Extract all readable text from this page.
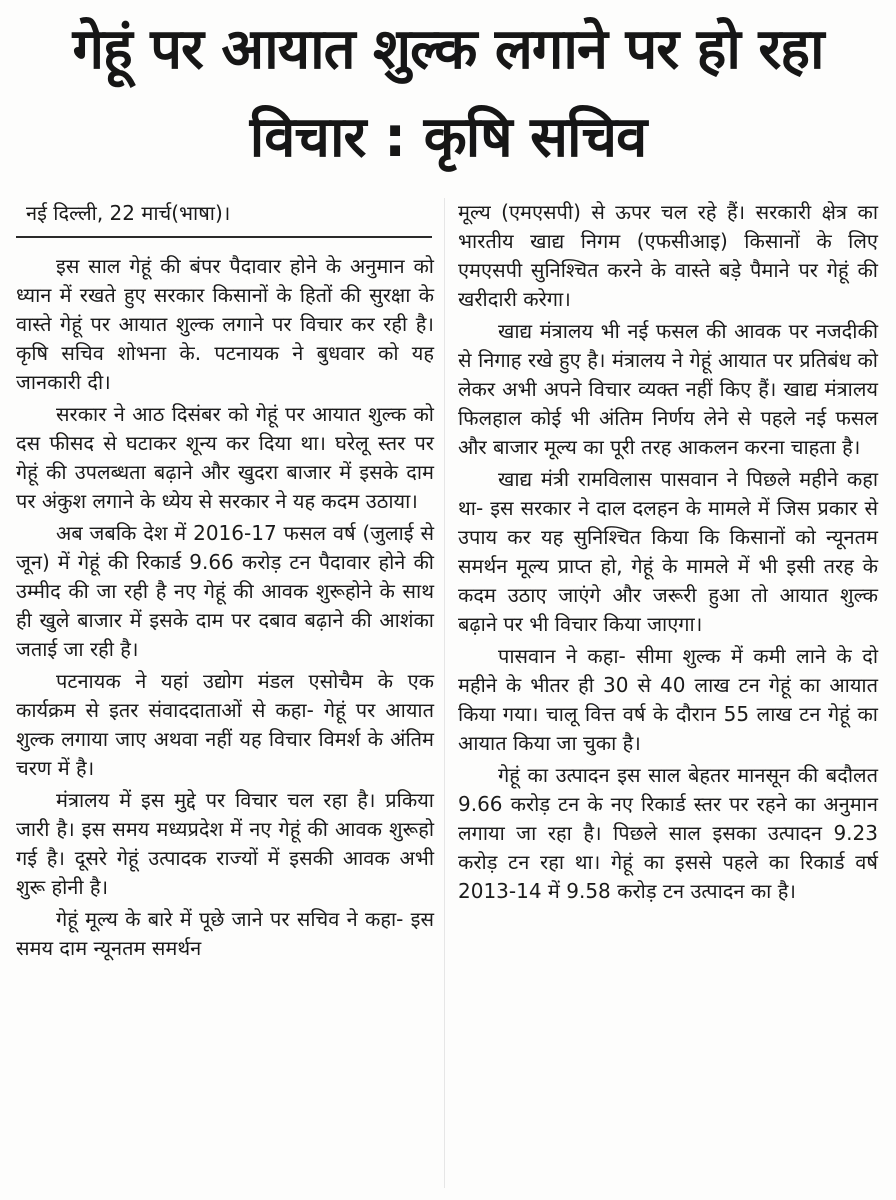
गेहूं पर आयात शुल्क लगाने पर हो रहा विचार : कृषि सचिव

नई दिल्ली, 22 मार्च(भाषा)।

इस साल गेहूं की बंपर पैदावार होने के अनुमान को ध्यान में रखते हुए सरकार किसानों के हितों की सुरक्षा के वास्ते गेहूं पर आयात शुल्क लगाने पर विचार कर रही है। कृषि सचिव शोभना के. पटनायक ने बुधवार को यह जानकारी दी।

सरकार ने आठ दिसंबर को गेहूं पर आयात शुल्क को दस फीसद से घटाकर शून्य कर दिया था। घरेलू स्तर पर गेहूं की उपलब्धता बढ़ाने और खुदरा बाजार में इसके दाम पर अंकुश लगाने के ध्येय से सरकार ने यह कदम उठाया।

अब जबकि देश में 2016-17 फसल वर्ष (जुलाई से जून) में गेहूं की रिकार्ड 9.66 करोड़ टन पैदावार होने की उम्मीद की जा रही है नए गेहूं की आवक शुरूहोने के साथ ही खुले बाजार में इसके दाम पर दबाव बढ़ाने की आशंका जताई जा रही है।

पटनायक ने यहां उद्योग मंडल एसोचैम के एक कार्यक्रम से इतर संवाददाताओं से कहा- गेहूं पर आयात शुल्क लगाया जाए अथवा नहीं यह विचार विमर्श के अंतिम चरण में है।

मंत्रालय में इस मुद्दे पर विचार चल रहा है। प्रकिया जारी है। इस समय मध्यप्रदेश में नए गेहूं की आवक शुरूहो गई है। दूसरे गेहूं उत्पादक राज्यों में इसकी आवक अभी शुरू होनी है।

गेहूं मूल्य के बारे में पूछे जाने पर सचिव ने कहा- इस समय दाम न्यूनतम समर्थन

मूल्य (एमएसपी) से ऊपर चल रहे हैं। सरकारी क्षेत्र का भारतीय खाद्य निगम (एफसीआइ) किसानों के लिए एमएसपी सुनिश्चित करने के वास्ते बड़े पैमाने पर गेहूं की खरीदारी करेगा।

खाद्य मंत्रालय भी नई फसल की आवक पर नजदीकी से निगाह रखे हुए है। मंत्रालय ने गेहूं आयात पर प्रतिबंध को लेकर अभी अपने विचार व्यक्त नहीं किए हैं। खाद्य मंत्रालय फिलहाल कोई भी अंतिम निर्णय लेने से पहले नई फसल और बाजार मूल्य का पूरी तरह आकलन करना चाहता है।

खाद्य मंत्री रामविलास पासवान ने पिछले महीने कहा था- इस सरकार ने दाल दलहन के मामले में जिस प्रकार से उपाय कर यह सुनिश्चित किया कि किसानों को न्यूनतम समर्थन मूल्य प्राप्त हो, गेहूं के मामले में भी इसी तरह के कदम उठाए जाएंगे और जरूरी हुआ तो आयात शुल्क बढ़ाने पर भी विचार किया जाएगा।

पासवान ने कहा- सीमा शुल्क में कमी लाने के दो महीने के भीतर ही 30 से 40 लाख टन गेहूं का आयात किया गया। चालू वित्त वर्ष के दौरान 55 लाख टन गेहूं का आयात किया जा चुका है।

गेहूं का उत्पादन इस साल बेहतर मानसून की बदौलत 9.66 करोड़ टन के नए रिकार्ड स्तर पर रहने का अनुमान लगाया जा रहा है। पिछले साल इसका उत्पादन 9.23 करोड़ टन रहा था। गेहूं का इससे पहले का रिकार्ड वर्ष 2013-14 में 9.58 करोड़ टन उत्पादन का है।
